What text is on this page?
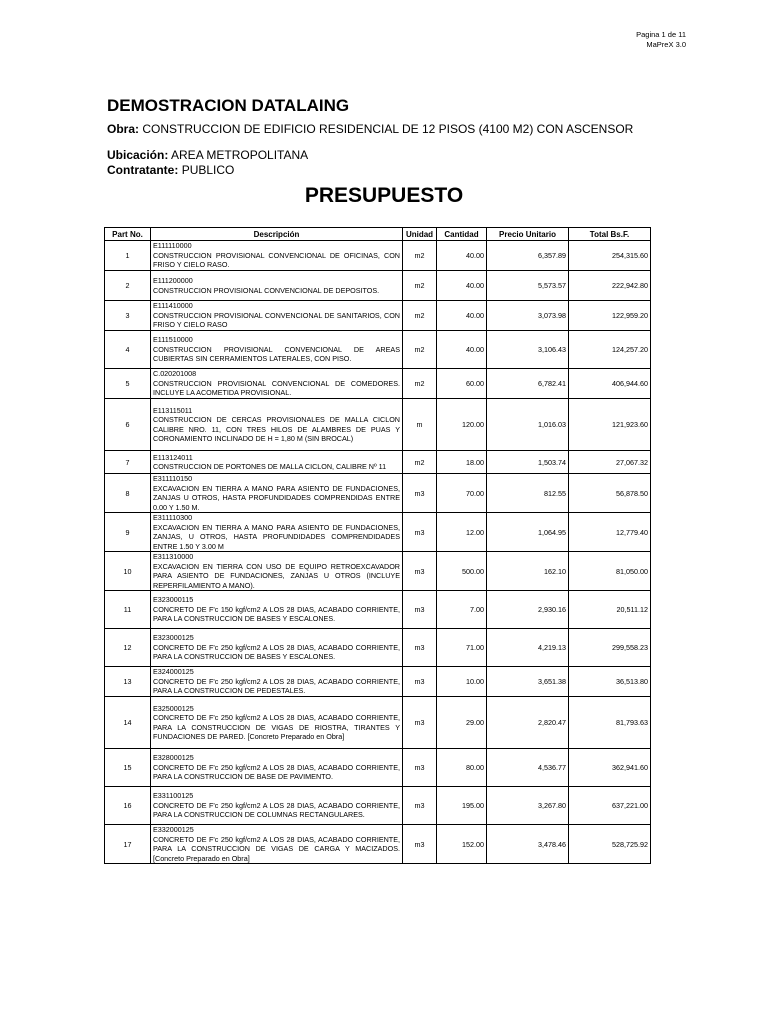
Pagina 1 de 11
MaPreX 3.0
DEMOSTRACION DATALAING
Obra: CONSTRUCCION DE EDIFICIO RESIDENCIAL DE 12 PISOS (4100 M2) CON ASCENSOR
Ubicación: AREA METROPOLITANA
Contratante: PUBLICO
PRESUPUESTO
Part No.	Descripción	Unidad	Cantidad	Precio Unitario	Total Bs.F.
1	E111110000
CONSTRUCCION PROVISIONAL CONVENCIONAL DE OFICINAS, CON FRISO Y CIELO RASO.	m2	40.00	6,357.89	254,315.60
2	E111200000
CONSTRUCCION PROVISIONAL CONVENCIONAL DE DEPOSITOS.	m2	40.00	5,573.57	222,942.80
3	E111410000
CONSTRUCCION PROVISIONAL CONVENCIONAL DE SANITARIOS, CON FRISO Y CIELO RASO	m2	40.00	3,073.98	122,959.20
4	E111510000
CONSTRUCCION PROVISIONAL CONVENCIONAL DE AREAS CUBIERTAS SIN CERRAMIENTOS LATERALES, CON PISO.	m2	40.00	3,106.43	124,257.20
5	C.020201008
CONSTRUCCION PROVISIONAL CONVENCIONAL DE COMEDORES. INCLUYE LA ACOMETIDA PROVISIONAL.	m2	60.00	6,782.41	406,944.60
6	E113115011
CONSTRUCCION DE CERCAS PROVISIONALES DE MALLA CICLON CALIBRE NRO. 11, CON TRES HILOS DE ALAMBRES DE PUAS Y CORONAMIENTO INCLINADO DE H = 1,80 M (SIN BROCAL)	m	120.00	1,016.03	121,923.60
7	E113124011
CONSTRUCCION DE PORTONES DE MALLA CICLON, CALIBRE Nº 11	m2	18.00	1,503.74	27,067.32
8	E311110150
EXCAVACION EN TIERRA A MANO PARA ASIENTO DE FUNDACIONES, ZANJAS U OTROS, HASTA PROFUNDIDADES COMPRENDIDAS ENTRE 0.00 Y 1.50 M.	m3	70.00	812.55	56,878.50
9	E311110300
EXCAVACION EN TIERRA A MANO PARA ASIENTO DE FUNDACIONES, ZANJAS, U OTROS, HASTA PROFUNDIDADES COMPRENDIDADES ENTRE 1.50 Y 3.00 M	m3	12.00	1,064.95	12,779.40
10	E311310000
EXCAVACION EN TIERRA CON USO DE EQUIPO RETROEXCAVADOR PARA ASIENTO DE FUNDACIONES, ZANJAS U OTROS (INCLUYE REPERFILAMIENTO A MANO).	m3	500.00	162.10	81,050.00
11	E323000115
CONCRETO DE F'c 150 kgf/cm2 A LOS 28 DIAS, ACABADO CORRIENTE, PARA LA CONSTRUCCION DE BASES Y ESCALONES.	m3	7.00	2,930.16	20,511.12
12	E323000125
CONCRETO DE F'c 250 kgf/cm2 A LOS 28 DIAS, ACABADO CORRIENTE, PARA LA CONSTRUCCION DE BASES Y ESCALONES.	m3	71.00	4,219.13	299,558.23
13	E324000125
CONCRETO DE F'c 250 kgf/cm2 A LOS 28 DIAS, ACABADO CORRIENTE, PARA LA CONSTRUCCION DE PEDESTALES.	m3	10.00	3,651.38	36,513.80
14	E325000125
CONCRETO DE F'c 250 kgf/cm2 A LOS 28 DIAS, ACABADO CORRIENTE, PARA LA CONSTRUCCION DE VIGAS DE RIOSTRA, TIRANTES Y FUNDACIONES DE PARED. [Concreto Preparado en Obra]	m3	29.00	2,820.47	81,793.63
15	E328000125
CONCRETO DE F'c 250 kgf/cm2 A LOS 28 DIAS, ACABADO CORRIENTE, PARA LA CONSTRUCCION DE BASE DE PAVIMENTO.	m3	80.00	4,536.77	362,941.60
16	E331100125
CONCRETO DE F'c 250 kgf/cm2 A LOS 28 DIAS, ACABADO CORRIENTE, PARA LA CONSTRUCCION DE COLUMNAS RECTANGULARES.	m3	195.00	3,267.80	637,221.00
17	E332000125
CONCRETO DE F'c 250 kgf/cm2 A LOS 28 DIAS, ACABADO CORRIENTE, PARA LA CONSTRUCCION DE VIGAS DE CARGA Y MACIZADOS. [Concreto Preparado en Obra]	m3	152.00	3,478.46	528,725.92
